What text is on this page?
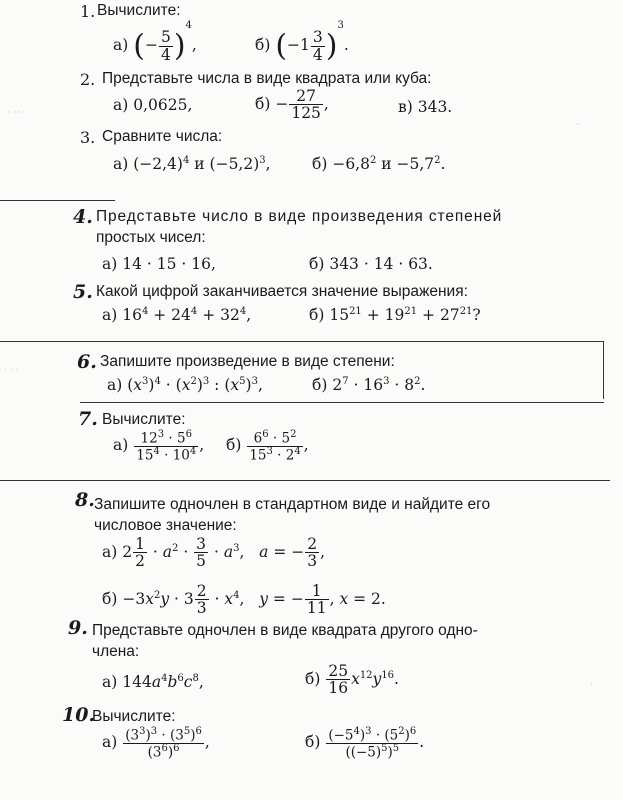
1. Вычислите:
а) (− $\frac{5}{4} )^4$,	б) $(-1 \frac{3}{4} )^3$.
2. Представьте числа в виде квадрата или куба:
а) 0,0625,	$б) - \frac{27}{125}$ ,	в) 343.
3. Сравните числа:
а) $(-2,4)^4$ и $(-5,2)^3$,	$б) -6,8^2$ $и -5,7^2$.
4. Представьте число в виде произведения степеней
простых чисел:
а) 14 · 15 · 16,	б) 343 · 14 · 63.
5. Какой цифрой заканчивается значение выражения:
а) $16^4 + 24^4 + 32^4$,	б) $15^{21} + 19^{21} + 27^{21}$?
6. Запишите произведение в виде степени:
а) $(x^3)^4 \cdot (x^2)^3$ : $(x^5)^3$,	б) $2^7 \cdot 16^3 \cdot 8^2$.
7. Вычислите:
$а) \frac{12^3 \cdot 5^6}{15^4 \cdot 10^4}$ , $б) \frac{6^6 \cdot 5^2}{15^3 \cdot 2^4}$ ,
8. Запишите одночлен в стандартном виде и найдите его
числовое значение:
а) $2 \frac{1}{2} \cdot a^2 \cdot \frac{3}{5} \cdot a^3$,   a = − $\frac{2}{3}$ ,
$б) -3x^2y \cdot 3 \frac{2}{3} \cdot x^4$,   y = − $\frac{1}{11}$ , x = 2.
9. Представьте одночлен в виде квадрата другого одно-
члена:
а) $144a^4b^6c^8$,	$б) \frac{25}{16} x^{12}y^{16}$.
10.
Вычислите:
$а) \frac{(3^3)^3 \cdot (3^5)^6}{(3^6)^6}$ ,	$б) \frac{(-5^4)^3 \cdot (5^2)^6}{((-5)^5)^5}$ .
· ·· ·
··
· · ·
·
